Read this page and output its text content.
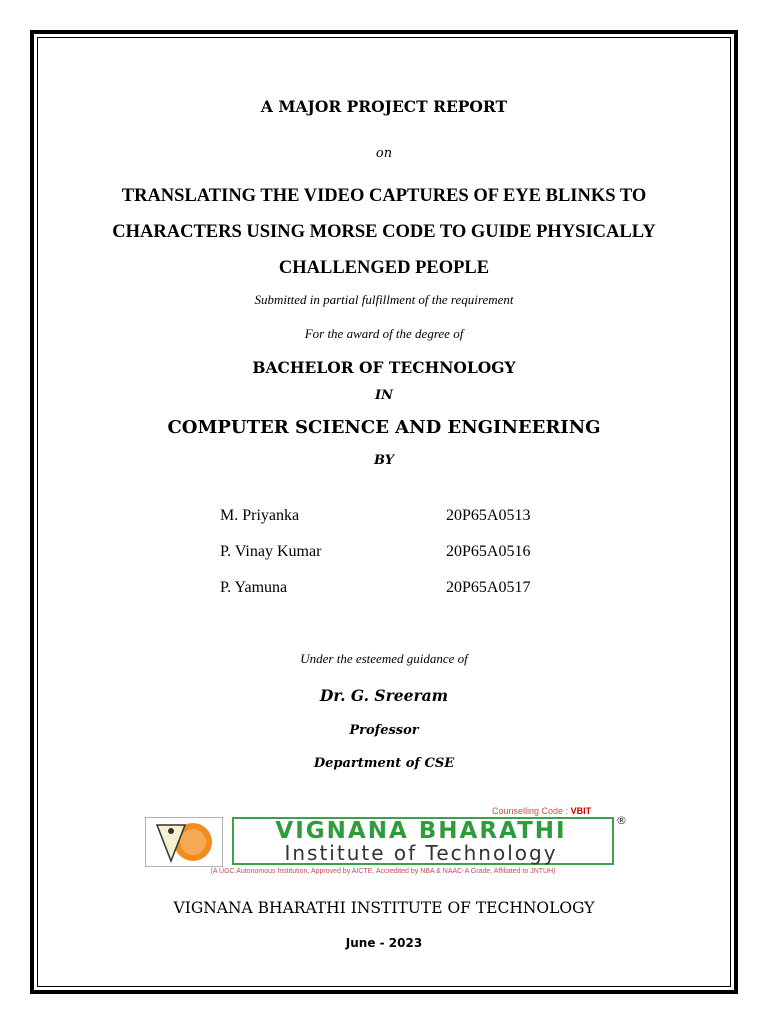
A MAJOR PROJECT REPORT
on
TRANSLATING THE VIDEO CAPTURES OF EYE BLINKS TO
CHARACTERS USING MORSE CODE TO GUIDE PHYSICALLY
CHALLENGED PEOPLE
Submitted in partial fulfillment of the requirement
For the award of the degree of
BACHELOR OF TECHNOLOGY
IN
COMPUTER SCIENCE AND ENGINEERING
BY
M. Priyanka	20P65A0513
P. Vinay Kumar	20P65A0516
P. Yamuna	20P65A0517
Under the esteemed guidance of
Dr. G. Sreeram
Professor
Department of CSE
Counselling Code : VBIT
VIGNANA BHARATHI
Institute of Technology
®
(A UGC Autonomous Institution, Approved by AICTE, Accredited by NBA & NAAC-A Grade, Affiliated to JNTUH)
VIGNANA BHARATHI INSTITUTE OF TECHNOLOGY
June - 2023
